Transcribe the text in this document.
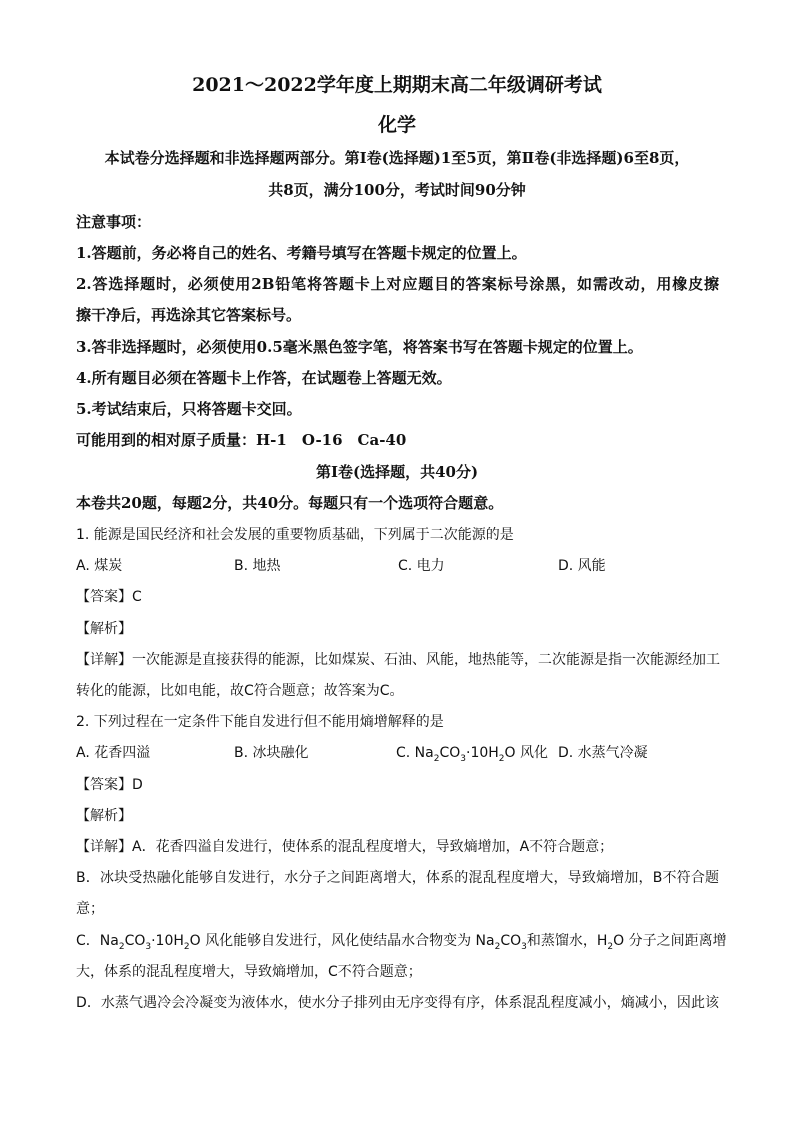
2021～2022学年度上期期末高二年级调研考试
化学
本试卷分选择题和非选择题两部分。第Ⅰ卷(选择题)1至5页，第Ⅱ卷(非选择题)6至8页，
共8页，满分100分，考试时间90分钟
注意事项：
1.答题前，务必将自己的姓名、考籍号填写在答题卡规定的位置上。
2.答选择题时，必须使用2B铅笔将答题卡上对应题目的答案标号涂黑，如需改动，用橡皮擦
擦干净后，再选涂其它答案标号。
3.答非选择题时，必须使用0.5毫米黑色签字笔，将答案书写在答题卡规定的位置上。
4.所有题目必须在答题卡上作答，在试题卷上答题无效。
5.考试结束后，只将答题卡交回。
可能用到的相对原子质量：H-1　O-16　Ca-40
第Ⅰ卷(选择题，共40分)
本卷共20题，每题2分，共40分。每题只有一个选项符合题意。
1. 能源是国民经济和社会发展的重要物质基础，下列属于二次能源的是
A. 煤炭	B. 地热	C. 电力	D. 风能
【答案】C
【解析】
【详解】一次能源是直接获得的能源，比如煤炭、石油、风能，地热能等，二次能源是指一次能源经加工
转化的能源，比如电能，故C符合题意；故答案为C。
2. 下列过程在一定条件下能自发进行但不能用熵增解释的是
A. 花香四溢	B. 冰块融化	C. $Na_2CO_3\cdot 10H_2O$ 风化 D. 水蒸气冷凝
【答案】D
【解析】
【详解】A．花香四溢自发进行，使体系的混乱程度增大，导致熵增加，A不符合题意；
B．冰块受热融化能够自发进行，水分子之间距离增大，体系的混乱程度增大，导致熵增加，B不符合题
意；
C．$Na_2CO_3\cdot 10H_2O$ 风化能够自发进行，风化使结晶水合物变为 $Na_2CO_3$和蒸馏水，$H_2O$ 分子之间距离增
大，体系的混乱程度增大，导致熵增加，C不符合题意；
D．水蒸气遇冷会冷凝变为液体水，使水分子排列由无序变得有序，体系混乱程度减小，熵减小，因此该
